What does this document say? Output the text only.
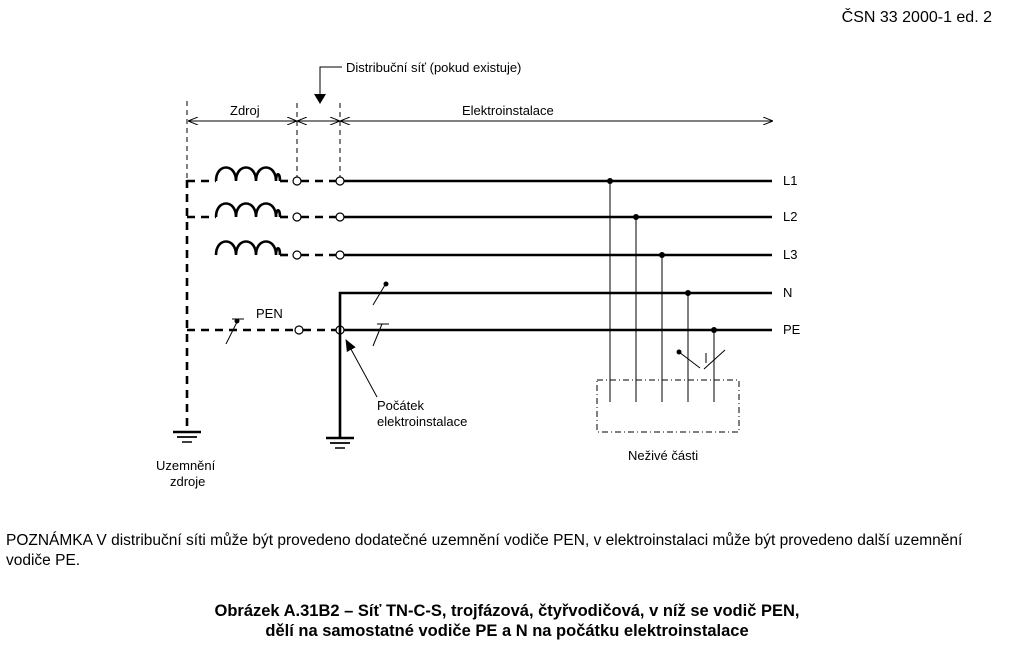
ČSN 33 2000-1 ed. 2
Distribuční síť (pokud existuje)
Zdroj	Elektroinstalace
Uzemnění
zdroje
PEN
Počátek
elektroinstalace
L1
L2
L3
N
PE
Neživé části
POZNÁMKA V distribuční síti může být provedeno dodatečné uzemnění vodiče PEN, v elektroinstalaci může být provedeno další uzemnění vodiče PE.
Obrázek A.31B2 – Síť TN-C-S, trojfázová, čtyřvodičová, v níž se vodič PEN,
dělí na samostatné vodiče PE a N na počátku elektroinstalace
